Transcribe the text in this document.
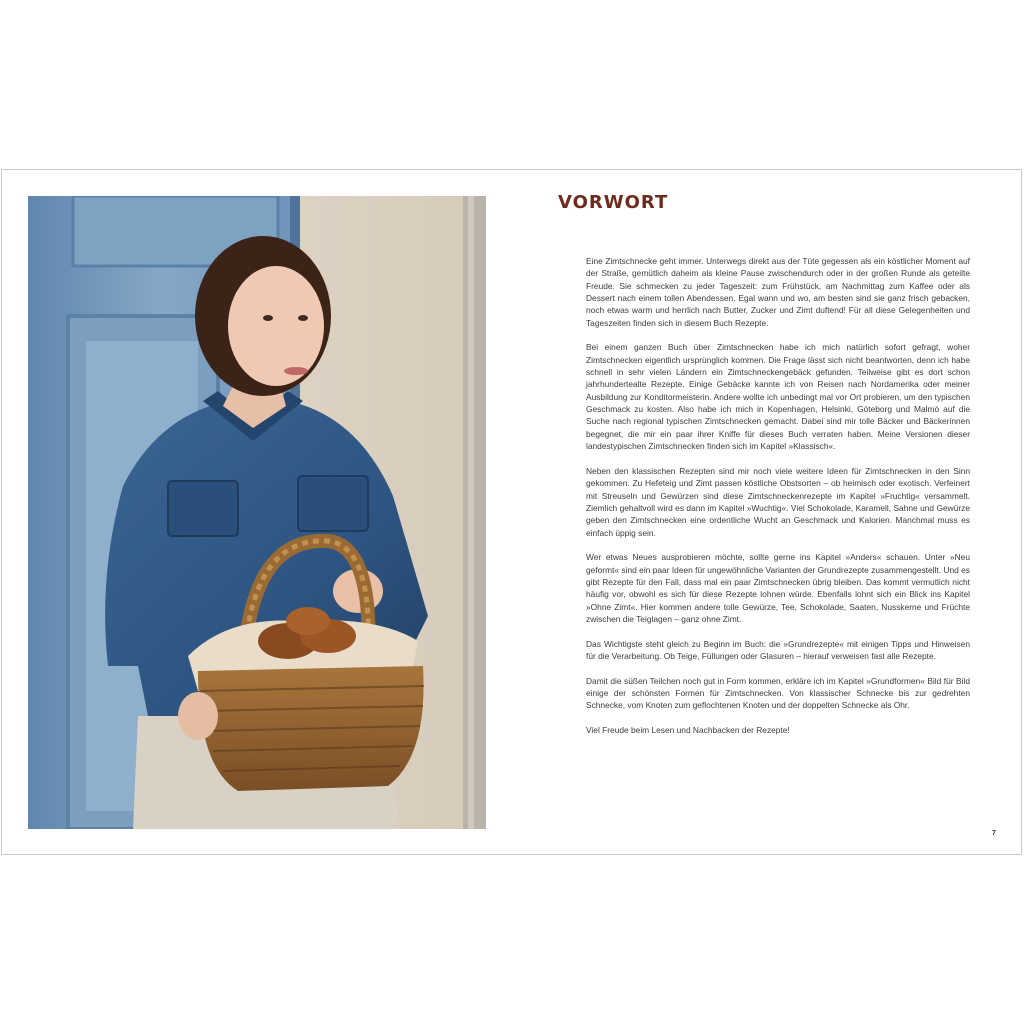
VORWORT

Eine Zimtschnecke geht immer. Unterwegs direkt aus der Tüte gegessen als ein köstlicher Moment auf der Straße, gemütlich daheim als kleine Pause zwischendurch oder in der großen Runde als geteilte Freude. Sie schmecken zu jeder Tageszeit: zum Frühstück, am Nachmittag zum Kaffee oder als Dessert nach einem tollen Abendessen. Egal wann und wo, am besten sind sie ganz frisch gebacken, noch etwas warm und herrlich nach Butter, Zucker und Zimt duftend! Für all diese Gelegenheiten und Tageszeiten finden sich in diesem Buch Rezepte.

Bei einem ganzen Buch über Zimtschnecken habe ich mich natürlich sofort gefragt, woher Zimtschnecken eigentlich ursprünglich kommen. Die Frage lässt sich nicht beantworten, denn ich habe schnell in sehr vielen Ländern ein Zimtschneckengebäck gefunden. Teilweise gibt es dort schon jahrhundertealte Rezepte. Einige Gebäcke kannte ich von Reisen nach Nordamerika oder meiner Ausbildung zur Konditormeisterin. Andere wollte ich unbedingt mal vor Ort probieren, um den typischen Geschmack zu kosten. Also habe ich mich in Kopenhagen, Helsinki, Göteborg und Malmö auf die Suche nach regional typischen Zimtschnecken gemacht. Dabei sind mir tolle Bäcker und Bäckerinnen begegnet, die mir ein paar ihrer Kniffe für dieses Buch verraten haben. Meine Versionen dieser landestypischen Zimtschnecken finden sich im Kapitel »Klassisch«.

Neben den klassischen Rezepten sind mir noch viele weitere Ideen für Zimtschnecken in den Sinn gekommen. Zu Hefeteig und Zimt passen köstliche Obstsorten – ob heimisch oder exotisch. Verfeinert mit Streuseln und Gewürzen sind diese Zimtschneckenrezepte im Kapitel »Fruchtig« versammelt. Ziemlich gehaltvoll wird es dann im Kapitel »Wuchtig«. Viel Schokolade, Karamell, Sahne und Gewürze geben den Zimtschnecken eine ordentliche Wucht an Geschmack und Kalorien. Manchmal muss es einfach üppig sein.

Wer etwas Neues ausprobieren möchte, sollte gerne ins Kapitel »Anders« schauen. Unter »Neu geformt« sind ein paar Ideen für ungewöhnliche Varianten der Grundrezepte zusammengestellt. Und es gibt Rezepte für den Fall, dass mal ein paar Zimtschnecken übrig bleiben. Das kommt vermutlich nicht häufig vor, obwohl es sich für diese Rezepte lohnen würde. Ebenfalls lohnt sich ein Blick ins Kapitel »Ohne Zimt«. Hier kommen andere tolle Gewürze, Tee, Schokolade, Saaten, Nusskerne und Früchte zwischen die Teiglagen – ganz ohne Zimt.

Das Wichtigste steht gleich zu Beginn im Buch: die »Grundrezepte« mit einigen Tipps und Hinweisen für die Verarbeitung. Ob Teige, Füllungen oder Glasuren – hierauf verweisen fast alle Rezepte.

Damit die süßen Teilchen noch gut in Form kommen, erkläre ich im Kapitel »Grundformen« Bild für Bild einige der schönsten Formen für Zimtschnecken. Von klassischer Schnecke bis zur gedrehten Schnecke, vom Knoten zum geflochtenen Knoten und der doppelten Schnecke als Ohr.

Viel Freude beim Lesen und Nachbacken der Rezepte!

7
